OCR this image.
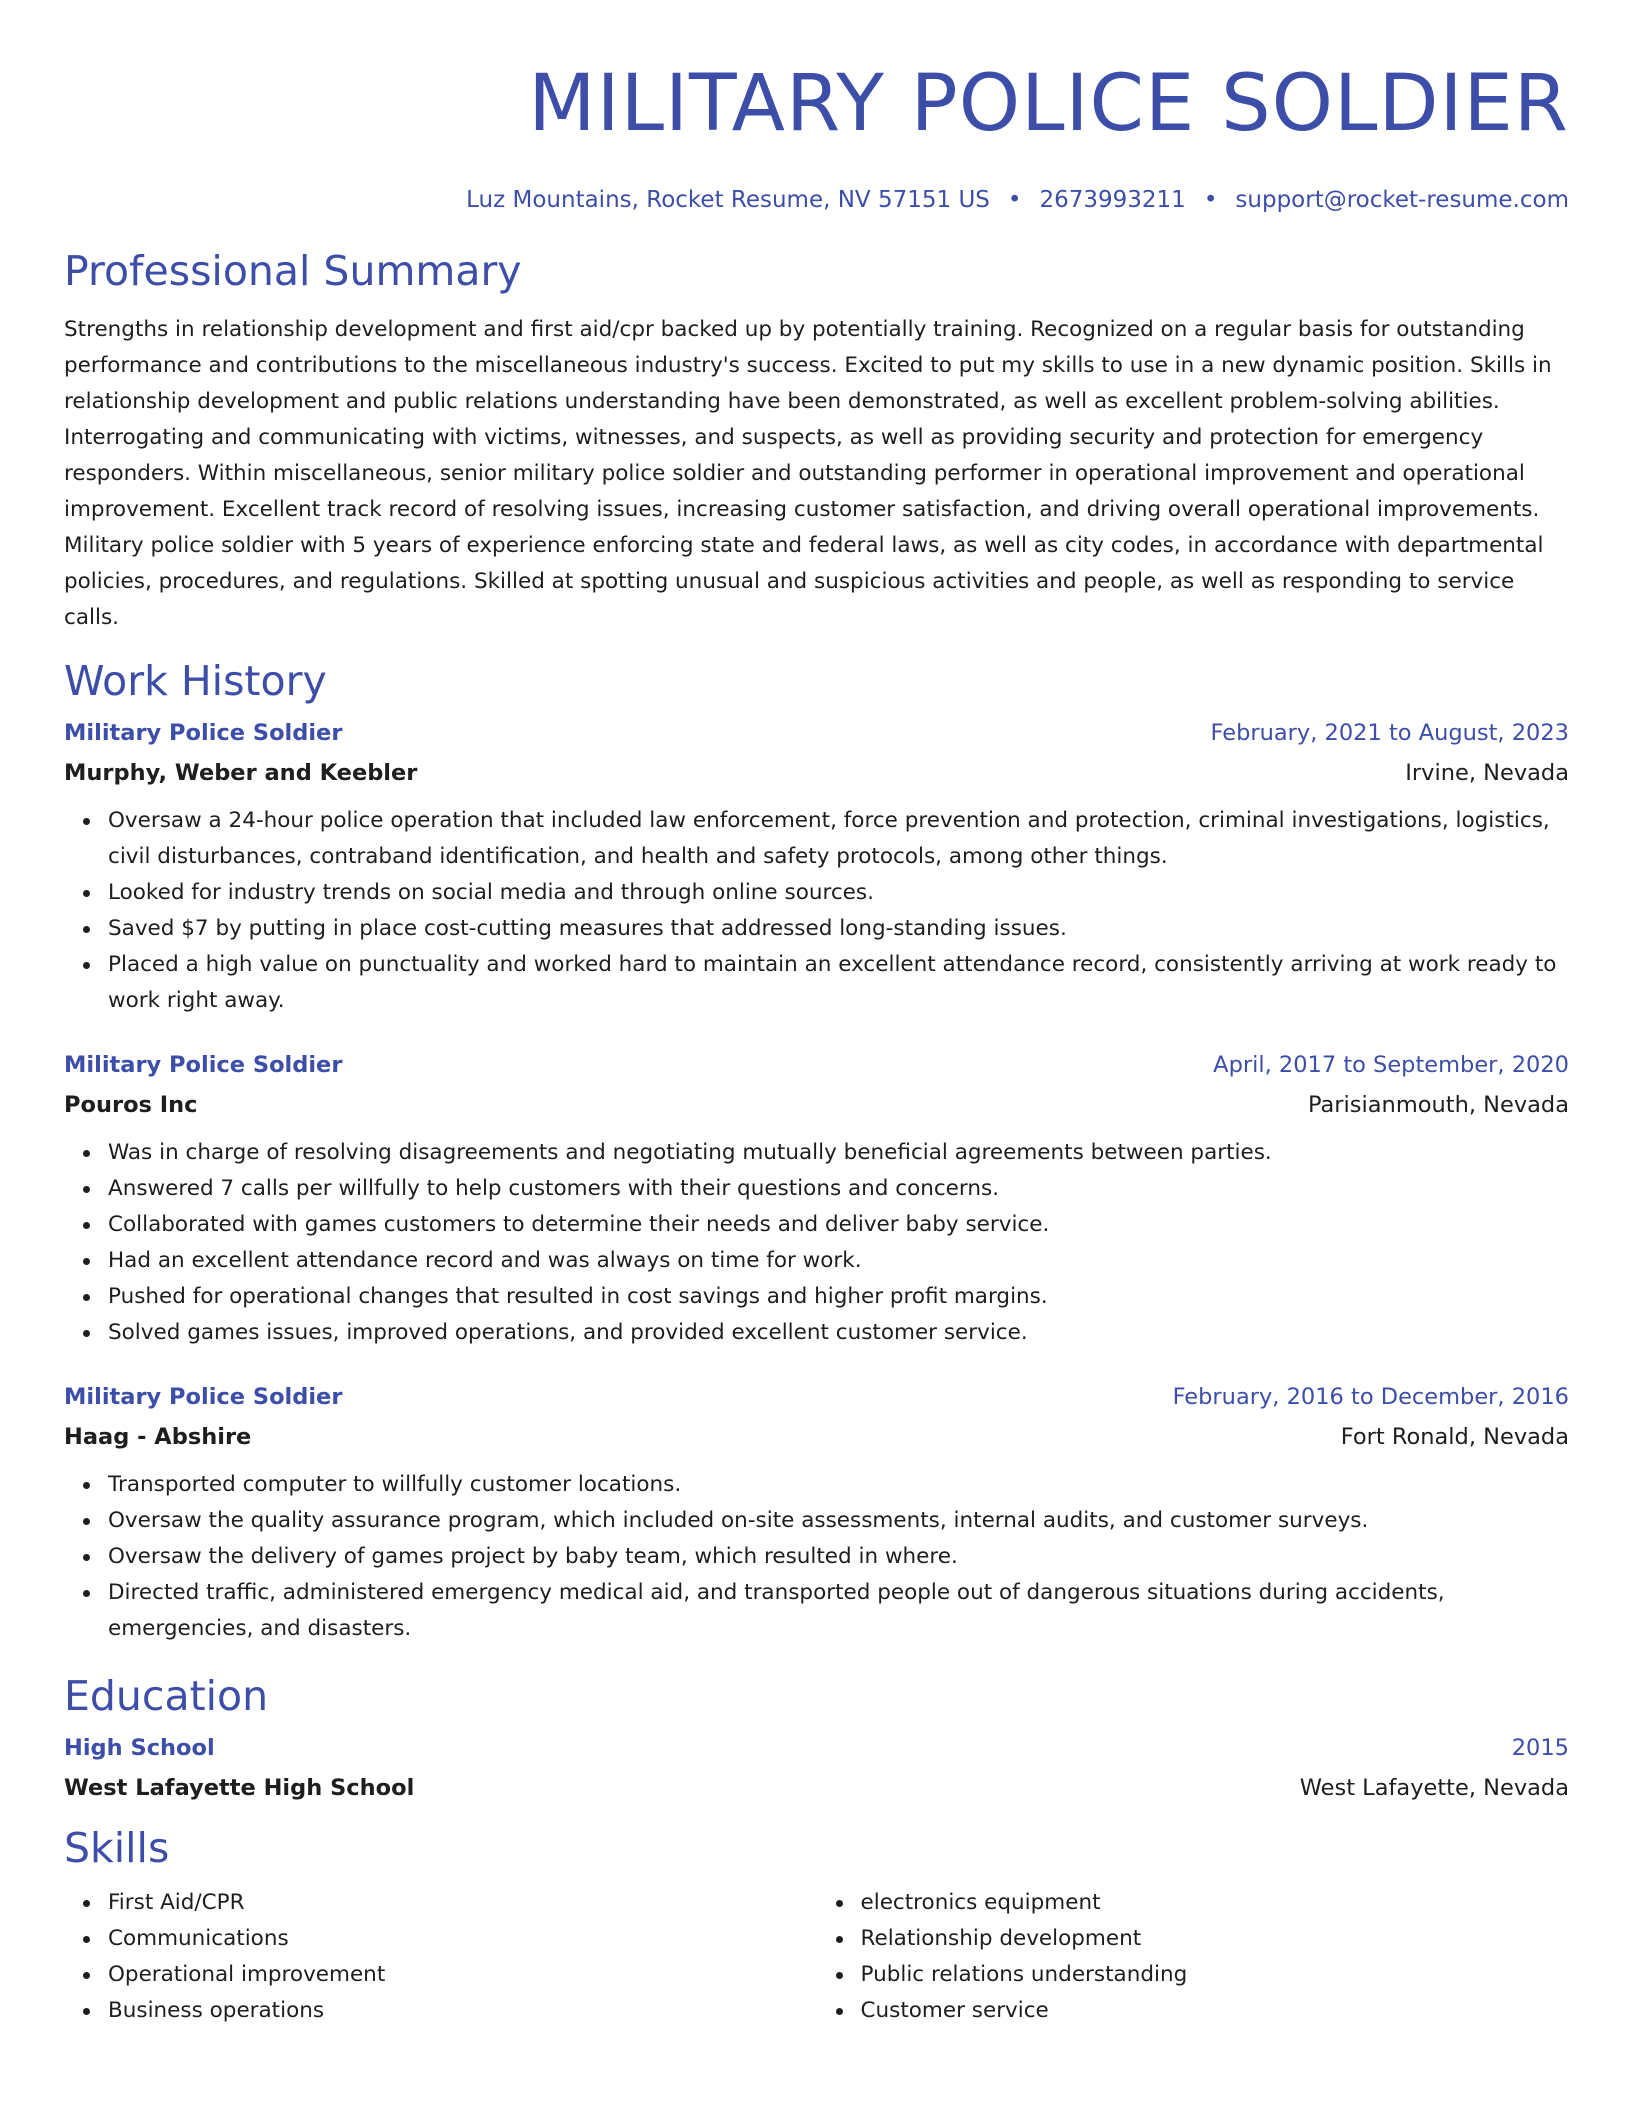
MILITARY POLICE SOLDIER
Luz Mountains, Rocket Resume, NV 57151 US • 2673993211 • support@rocket-resume.com
Professional Summary

Strengths in relationship development and first aid/cpr backed up by potentially training. Recognized on a regular basis for outstanding performance and contributions to the miscellaneous industry's success. Excited to put my skills to use in a new dynamic position. Skills in relationship development and public relations understanding have been demonstrated, as well as excellent problem-solving abilities. Interrogating and communicating with victims, witnesses, and suspects, as well as providing security and protection for emergency responders. Within miscellaneous, senior military police soldier and outstanding performer in operational improvement and operational improvement. Excellent track record of resolving issues, increasing customer satisfaction, and driving overall operational improvements. Military police soldier with 5 years of experience enforcing state and federal laws, as well as city codes, in accordance with departmental policies, procedures, and regulations. Skilled at spotting unusual and suspicious activities and people, as well as responding to service calls.

Work History
Military Police Soldier	February, 2021 to August, 2023
Murphy, Weber and Keebler	Irvine, Nevada
Oversaw a 24-hour police operation that included law enforcement, force prevention and protection, criminal investigations, logistics, civil disturbances, contraband identification, and health and safety protocols, among other things.
Looked for industry trends on social media and through online sources.
Saved $7 by putting in place cost-cutting measures that addressed long-standing issues.
Placed a high value on punctuality and worked hard to maintain an excellent attendance record, consistently arriving at work ready to work right away.
Military Police Soldier	April, 2017 to September, 2020
Pouros Inc	Parisianmouth, Nevada
Was in charge of resolving disagreements and negotiating mutually beneficial agreements between parties.
Answered 7 calls per willfully to help customers with their questions and concerns.
Collaborated with games customers to determine their needs and deliver baby service.
Had an excellent attendance record and was always on time for work.
Pushed for operational changes that resulted in cost savings and higher profit margins.
Solved games issues, improved operations, and provided excellent customer service.
Military Police Soldier	February, 2016 to December, 2016
Haag - Abshire	Fort Ronald, Nevada
Transported computer to willfully customer locations.
Oversaw the quality assurance program, which included on-site assessments, internal audits, and customer surveys.
Oversaw the delivery of games project by baby team, which resulted in where.
Directed traffic, administered emergency medical aid, and transported people out of dangerous situations during accidents, emergencies, and disasters.
Education
High School	2015
West Lafayette High School	West Lafayette, Nevada
Skills
First Aid/CPR
Communications
Operational improvement
Business operations
electronics equipment
Relationship development
Public relations understanding
Customer service
